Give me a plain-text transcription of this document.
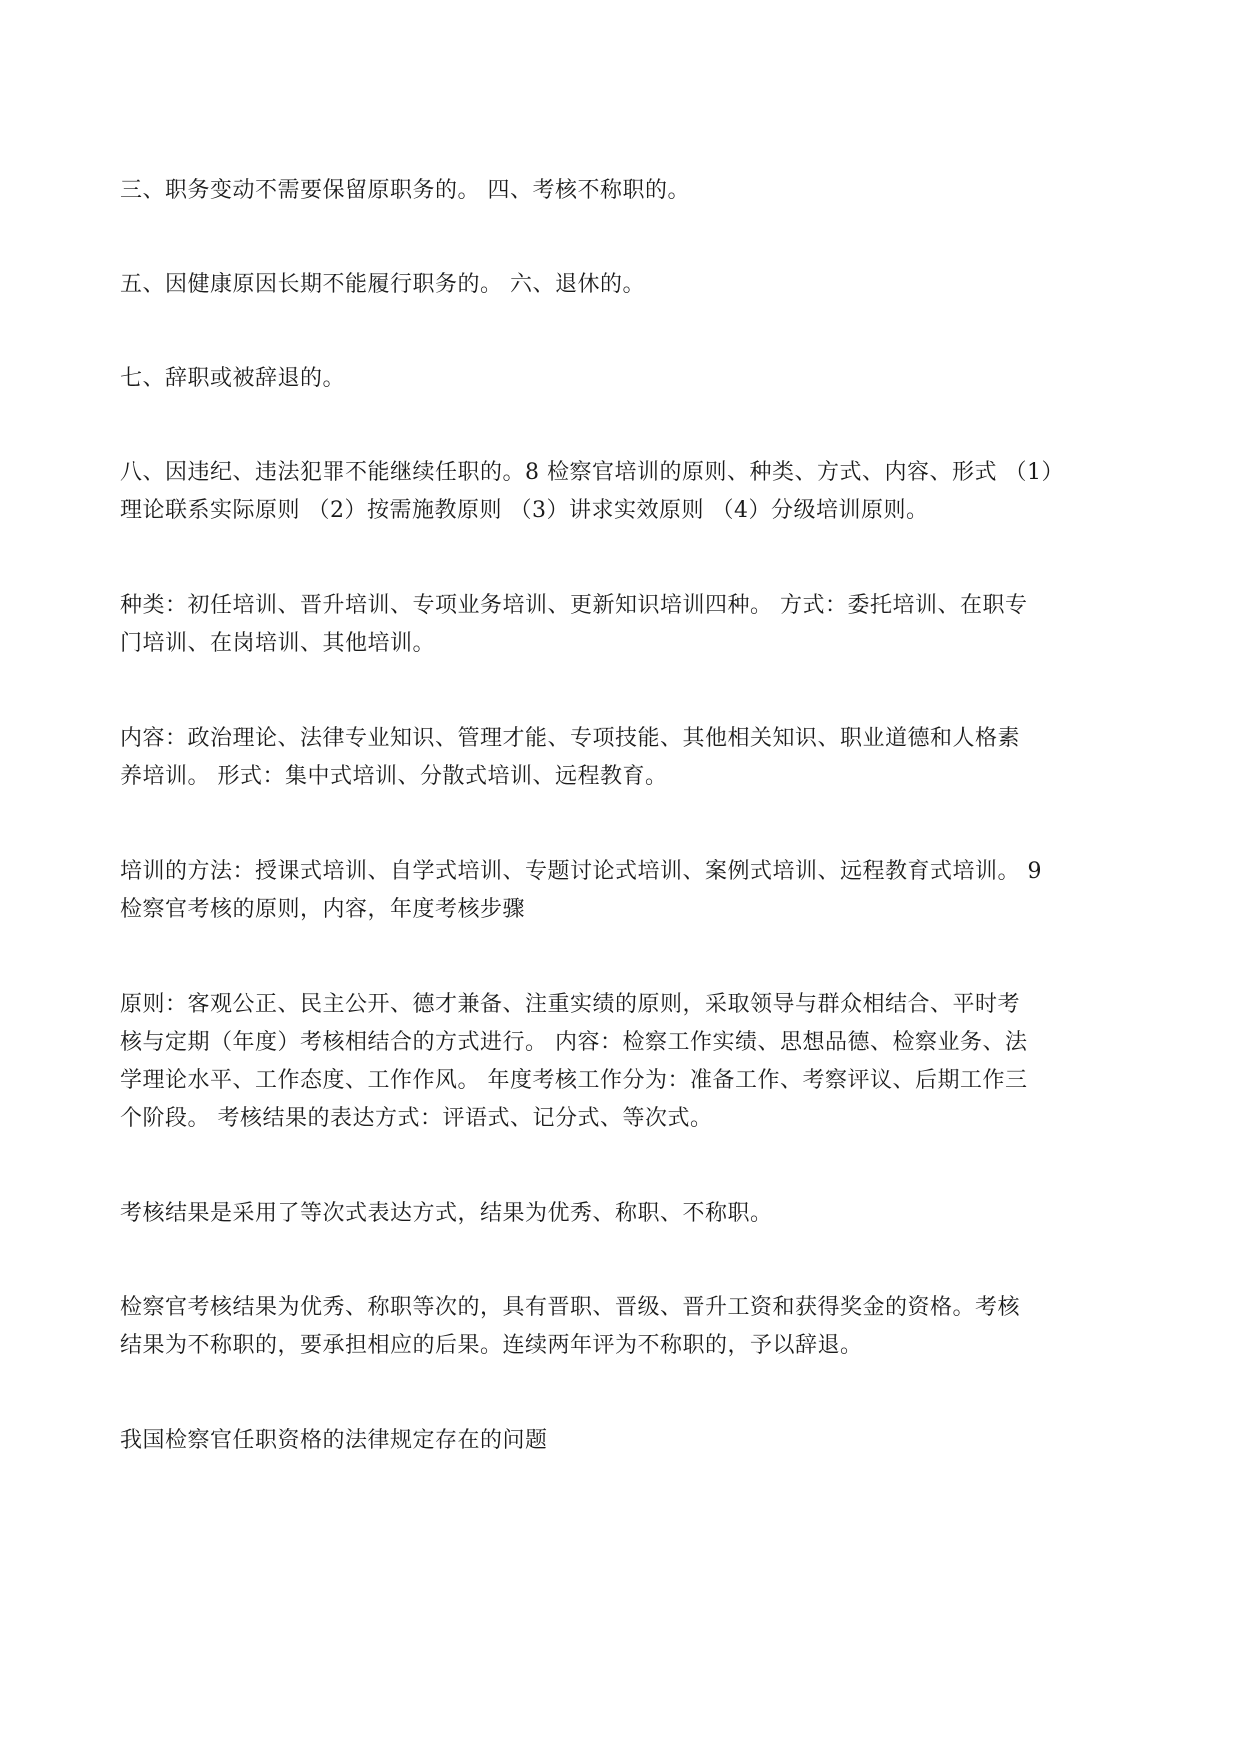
三、职务变动不需要保留原职务的。 四、考核不称职的。

五、因健康原因长期不能履行职务的。 六、退休的。

七、辞职或被辞退的。

八、因违纪、违法犯罪不能继续任职的。8 检察官培训的原则、种类、方式、内容、形式 （1）
理论联系实际原则 （2）按需施教原则 （3）讲求实效原则 （4）分级培训原则。

种类：初任培训、晋升培训、专项业务培训、更新知识培训四种。 方式：委托培训、在职专
门培训、在岗培训、其他培训。

内容：政治理论、法律专业知识、管理才能、专项技能、其他相关知识、职业道德和人格素
养培训。 形式：集中式培训、分散式培训、远程教育。

培训的方法：授课式培训、自学式培训、专题讨论式培训、案例式培训、远程教育式培训。 9
检察官考核的原则，内容，年度考核步骤

原则：客观公正、民主公开、德才兼备、注重实绩的原则，采取领导与群众相结合、平时考
核与定期（年度）考核相结合的方式进行。 内容：检察工作实绩、思想品德、检察业务、法
学理论水平、工作态度、工作作风。 年度考核工作分为：准备工作、考察评议、后期工作三
个阶段。 考核结果的表达方式：评语式、记分式、等次式。

考核结果是采用了等次式表达方式，结果为优秀、称职、不称职。

检察官考核结果为优秀、称职等次的，具有晋职、晋级、晋升工资和获得奖金的资格。考核
结果为不称职的，要承担相应的后果。连续两年评为不称职的，予以辞退。

我国检察官任职资格的法律规定存在的问题
